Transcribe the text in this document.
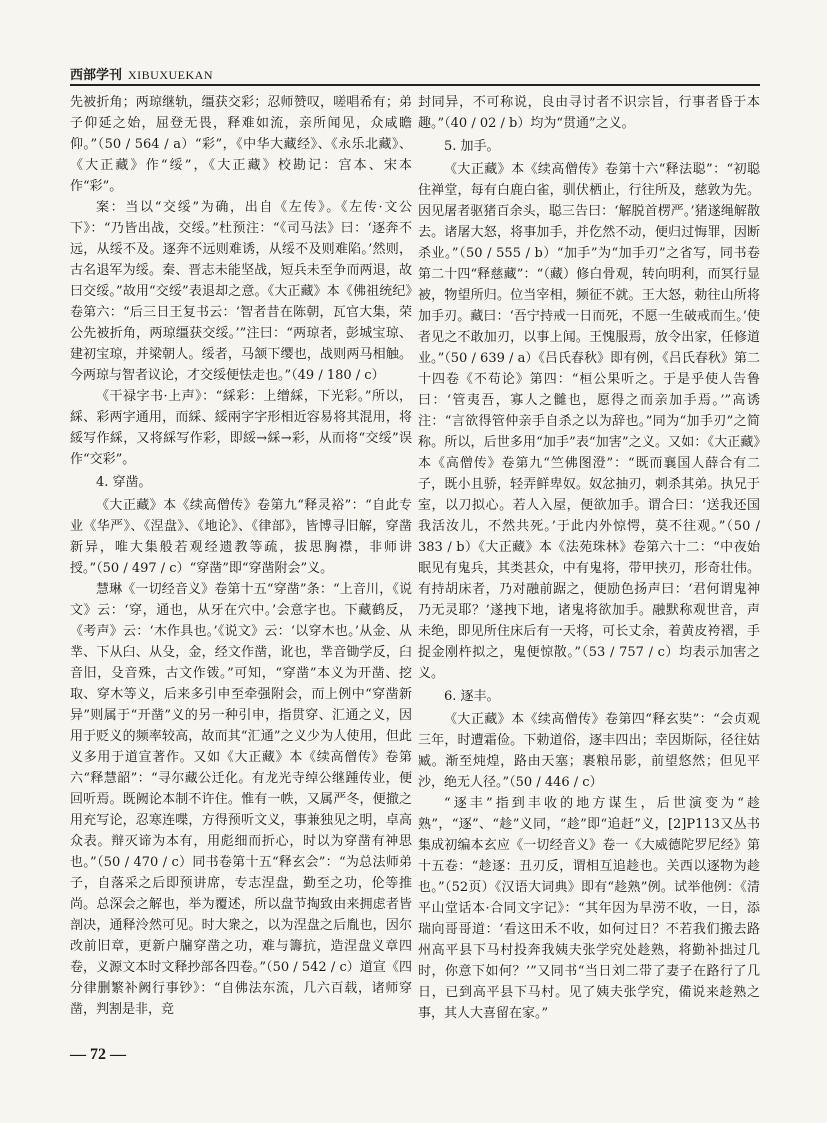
西部学刊 XIBUXUEKAN

先被折角；两琼继轨，缰获交彩；忍师赞叹，嗟唱希有；弟子仰延之始，屈登无畏，释难如流，亲所闻见，众咸瞻仰。”（50 / 564 / a）“彩”，《中华大藏经》、《永乐北藏》、《大正藏》作“绥”，《大正藏》校勘记：宫本、宋本作“彩”。

案：当以“交绥”为确，出自《左传》。《左传·文公下》：“乃皆出战，交绥。”杜预注：“《司马法》曰：‘逐奔不远，从绥不及。逐奔不远则难诱，从绥不及则难陷。’然则，古名退军为绥。秦、晋志未能坚战，短兵未至争而两退，故曰交绥。”故用“交绥”表退却之意。《大正藏》本《佛祖统纪》卷第六：“后三日王复书云：‘智者昔在陈朝，瓦官大集，荣公先被折角，两琼缰获交绥。’”注曰：“两琼者，彭城宝琼、建初宝琼，并梁朝人。绥者，马颔下缨也，战则两马相触。今两琼与智者议论，才交绥便怯走也。”（49 / 180 / c）

《干禄字书·上声》：“綵彩：上缯綵，下光彩。”所以，綵、彩两字通用，而綵、綏兩字字形相近容易将其混用，将綏写作綵，又将綵写作彩，即綏→綵→彩，从而将“交绥”误作“交彩”。

4. 穿凿。

《大正藏》本《续高僧传》卷第九“释灵裕”：“自此专业《华严》、《涅盘》、《地论》、《律部》，皆博寻旧解，穿凿新异，唯大集般若观经遗教等疏，拔思胸襟，非师讲授。”（50 / 497 / c）“穿凿”即“穿凿附会”义。

慧琳《一切经音义》卷第十五“穿凿”条：“上音川，《说文》云：‘穿，通也，从牙在穴中。’会意字也。下藏鹤反，《考声》云：‘木作具也。’《说文》云：‘以穿木也。’从金、从丵、下从臼、从殳，金，经文作凿，讹也，丵音锄学反，臼音旧，殳音殊，古文作䥽。”可知，“穿凿”本义为开凿、挖取、穿木等义，后来多引申至牵强附会，而上例中“穿凿新异”则属于“开凿”义的另一种引申，指贯穿、汇通之义，因用于贬义的频率较高，故而其“汇通”之义少为人使用，但此义多用于道宣著作。又如《大正藏》本《续高僧传》卷第六“释慧韶”：“寻尔藏公迁化。有龙光寺绰公继踵传业，便回听焉。既阙论本制不许住。惟有一帙，又属严冬，便撤之用充写论，忍寒连喋，方得预听文义，事兼独见之明，卓高众表。辩灭谛为本有，用彪细而折心，时以为穿凿有神思也。”（50 / 470 / c）同书卷第十五“释玄会”：“为总法师弟子，自落采之后即预讲席，专志涅盘，勤至之功，伦等推尚。总深会之解也，举为覆述，所以盘节掏致由来拥虑者皆剖决，通释泠然可见。时大衆之，以为涅盘之后胤也，因尔改前旧章，更新户牖穿凿之功，难与籌抗，造涅盘义章四卷，义源文本时文释抄部各四卷。”（50 / 542 / c）道宣《四分律删繁补阙行事钞》：“自佛法东流，几六百载，诸师穿凿，判割是非，竞

封同异，不可称说，良由寻讨者不识宗旨，行事者昏于本趣。”（40 / 02 / b）均为“贯通”之义。

5. 加手。

《大正藏》本《续高僧传》卷第十六“释法聪”：“初聪住禅堂，每有白鹿白雀，驯伏栖止，行往所及，慈敦为先。因见屠者驱猪百余头，聪三告曰：‘解脱首楞严。’猪遂绳解散去。诸屠大怒，将事加手，并仡然不动，便归过悔罪，因断杀业。”（50 / 555 / b）“加手”为“加手刃”之省写，同书卷第二十四“释慈藏”：“（藏）修白骨观，转向明利，而冥行显被，物望所归。位当宰相，频征不就。王大怒，勅往山所将加手刃。藏曰：‘吾宁持戒一日而死，不愿一生破戒而生。’使者见之不敢加刃，以事上闻。王愧服焉，放令出家，任修道业。”（50 / 639 / a）《吕氏春秋》即有例，《吕氏春秋》第二十四卷《不苟论》第四：“桓公果听之。于是乎使人告鲁曰：‘管夷吾，寡人之雠也，愿得之而亲加手焉。’”高诱注：“言欲得管仲亲手自杀之以为辞也。”同为“加手刃”之简称。所以，后世多用“加手”表“加害”之义。又如：《大正藏》本《高僧传》卷第九“竺佛图澄”：“既而襄国人薛合有二子，既小且骄，轻弄鲜卑奴。奴忿抽刃，刺杀其弟。执兄于室，以刀拟心。若人入屋，便欲加手。谓合曰：‘送我还国我活汝儿，不然共死。’于此内外惊愕，莫不往观。”（50 / 383 / b）《大正藏》本《法苑珠林》卷第六十二：“中夜始眠见有鬼兵，其类甚众，中有鬼将，带甲挟刃，形奇壮伟。有持胡床者，乃对融前踞之，便励色扬声曰：‘君何谓鬼神乃无灵耶？’遂拽下地，诸鬼将欲加手。融默称观世音，声未绝，即见所住床后有一天将，可长丈余，着黄皮袴褶，手捉金刚杵拟之，鬼便惊散。”（53 / 757 / c）均表示加害之义。

6. 逐丰。

《大正藏》本《续高僧传》卷第四“释玄奘”：“会贞观三年，时遭霜俭。下勅道俗，逐丰四出；幸因斯际，径往姑臧。渐至炖煌，路由天塞；裹粮吊影，前望悠然；但见平沙，绝无人径。”（50 / 446 / c）

“逐丰”指到丰收的地方谋生，后世演变为“趁熟”，“逐”、“趁”义同，“趁”即“追赶”义，[2]P113又丛书集成初编本玄应《一切经音义》卷一《大威德陀罗尼经》第十五卷：“趁逐：丑刃反，谓相互追趁也。关西以逐物为趁也。”（52页）《汉语大词典》即有“趁熟”例。试举他例：《清平山堂话本·合同文字记》：“其年因为旱涝不收，一日，添瑞向哥哥道：‘看这田禾不收，如何过日？不若我们搬去路州高平县下马村投奔我姨夫张学究处趁熟，将勤补拙过几时，你意下如何？’”又同书“当日刘二带了妻子在路行了几日，已到高平县下马村。见了姨夫张学究，備说来趁熟之事，其人大喜留在家。”

— 72 —
